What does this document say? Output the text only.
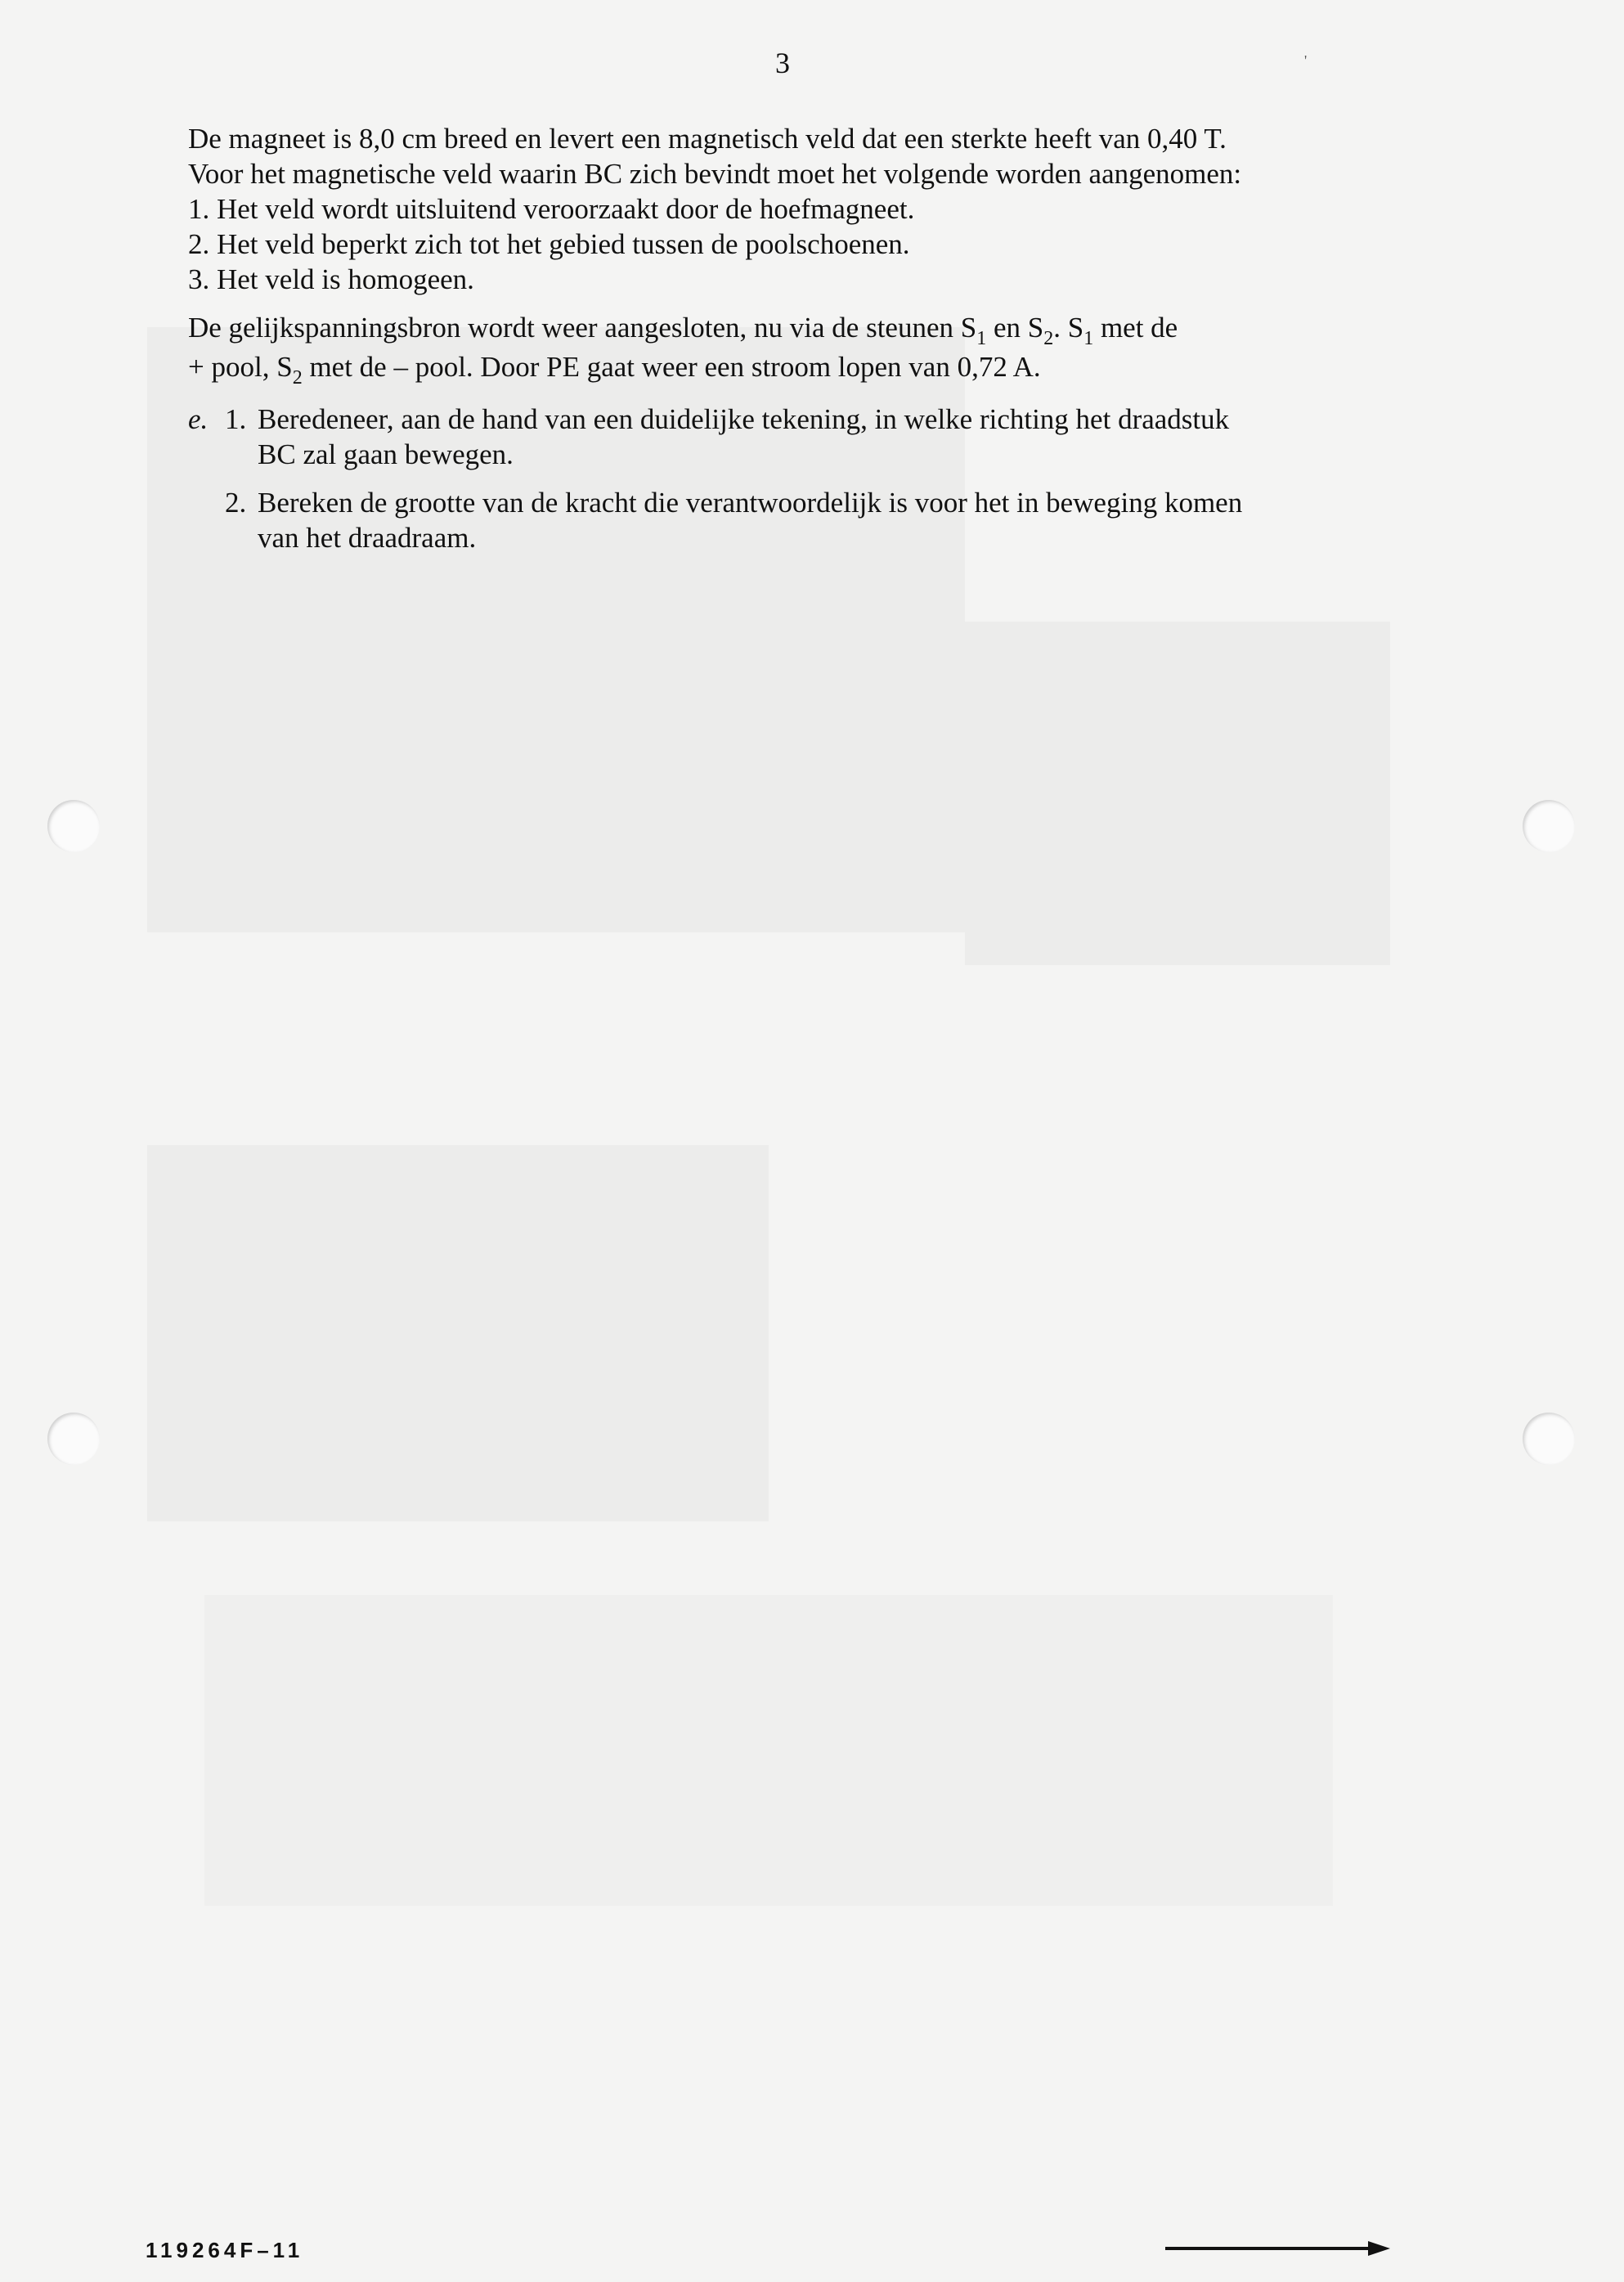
3	'

De magneet is 8,0 cm breed en levert een magnetisch veld dat een sterkte heeft van 0,40 T.

Voor het magnetische veld waarin BC zich bevindt moet het volgende worden aangenomen:

1. Het veld wordt uitsluitend veroorzaakt door de hoefmagneet.

2. Het veld beperkt zich tot het gebied tussen de poolschoenen.

3. Het veld is homogeen.

De gelijkspanningsbron wordt weer aangesloten, nu via de steunen $S_1$ en $S_2$. $S_1$ met de

+ pool, $S_2$ met de – pool. Door PE gaat weer een stroom lopen van 0,72 A.

e. 1. Beredeneer, aan de hand van een duidelijke tekening, in welke richting het draadstuk
BC zal gaan bewegen.
2. Bereken de grootte van de kracht die verantwoordelijk is voor het in beweging komen
van het draadraam.
119264F–11
